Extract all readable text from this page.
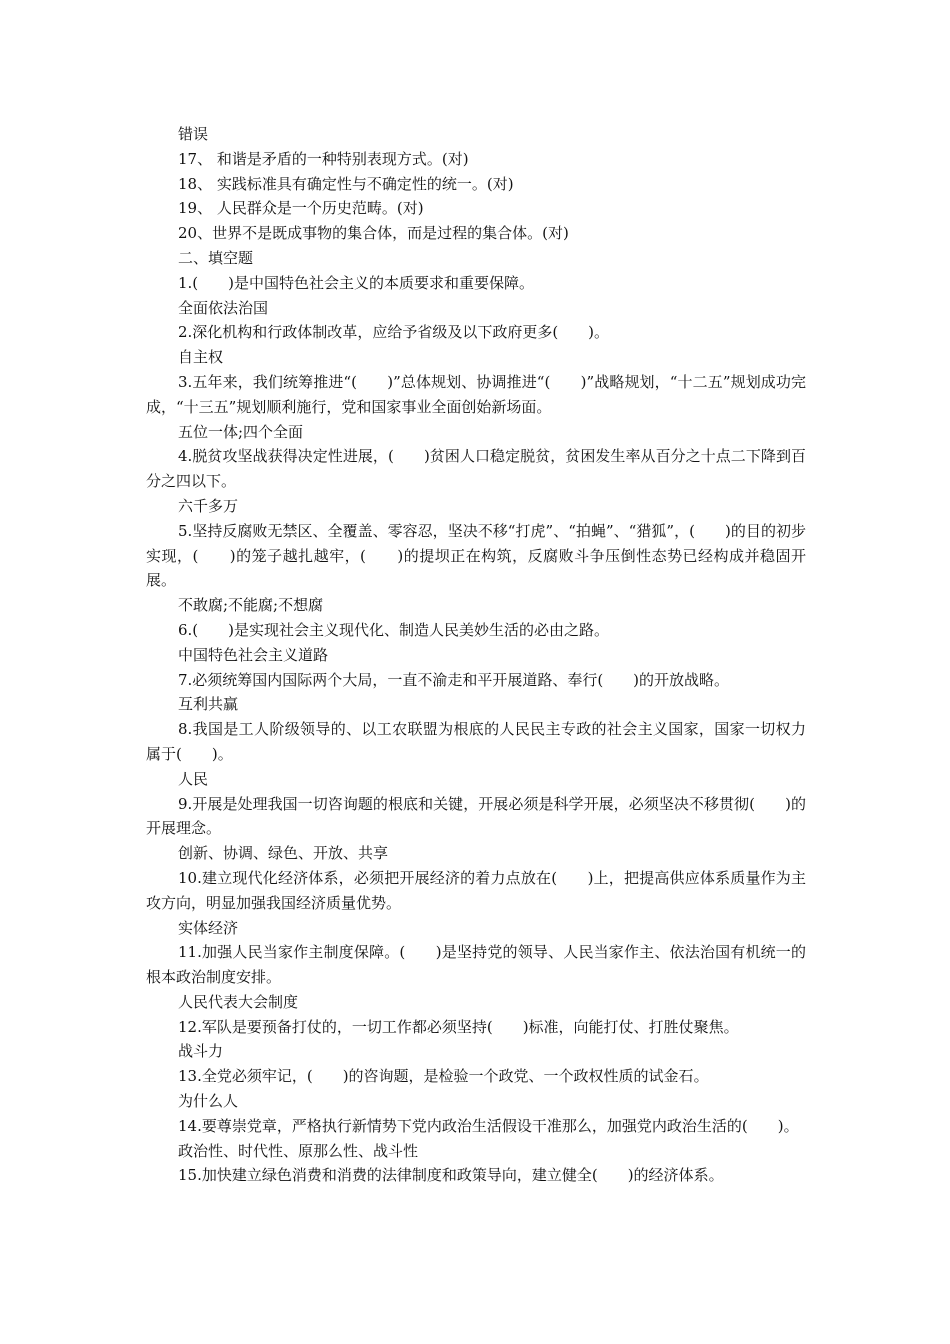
错误

17、 和谐是矛盾的一种特别表现方式。(对)

18、 实践标准具有确定性与不确定性的统一。(对)

19、 人民群众是一个历史范畴。(对)

20、世界不是既成事物的集合体，而是过程的集合体。(对)

二、填空题

1.(　　)是中国特色社会主义的本质要求和重要保障。

全面依法治国

2.深化机构和行政体制改革，应给予省级及以下政府更多(　　)。

自主权

3.五年来，我们统筹推进“(　　)”总体规划、协调推进“(　　)”战略规划，“十二五”规划成功完成，“十三五”规划顺利施行，党和国家事业全面创始新场面。

五位一体;四个全面

4.脱贫攻坚战获得决定性进展，(　　)贫困人口稳定脱贫，贫困发生率从百分之十点二下降到百分之四以下。

六千多万

5.坚持反腐败无禁区、全覆盖、零容忍，坚决不移“打虎”、“拍蝇”、“猎狐”，(　　)的目的初步实现，(　　)的笼子越扎越牢，(　　)的提坝正在构筑，反腐败斗争压倒性态势已经构成并稳固开展。

不敢腐;不能腐;不想腐

6.(　　)是实现社会主义现代化、制造人民美妙生活的必由之路。

中国特色社会主义道路

7.必须统筹国内国际两个大局，一直不渝走和平开展道路、奉行(　　)的开放战略。

互利共赢

8.我国是工人阶级领导的、以工农联盟为根底的人民民主专政的社会主义国家，国家一切权力属于(　　)。

人民

9.开展是处理我国一切咨询题的根底和关键，开展必须是科学开展，必须坚决不移贯彻(　　)的开展理念。

创新、协调、绿色、开放、共享

10.建立现代化经济体系，必须把开展经济的着力点放在(　　)上，把提高供应体系质量作为主攻方向，明显加强我国经济质量优势。

实体经济

11.加强人民当家作主制度保障。(　　)是坚持党的领导、人民当家作主、依法治国有机统一的根本政治制度安排。

人民代表大会制度

12.军队是要预备打仗的，一切工作都必须坚持(　　)标准，向能打仗、打胜仗聚焦。

战斗力

13.全党必须牢记，(　　)的咨询题，是检验一个政党、一个政权性质的试金石。

为什么人

14.要尊崇党章，严格执行新情势下党内政治生活假设干准那么，加强党内政治生活的(　　)。

政治性、时代性、原那么性、战斗性

15.加快建立绿色消费和消费的法律制度和政策导向，建立健全(　　)的经济体系。
